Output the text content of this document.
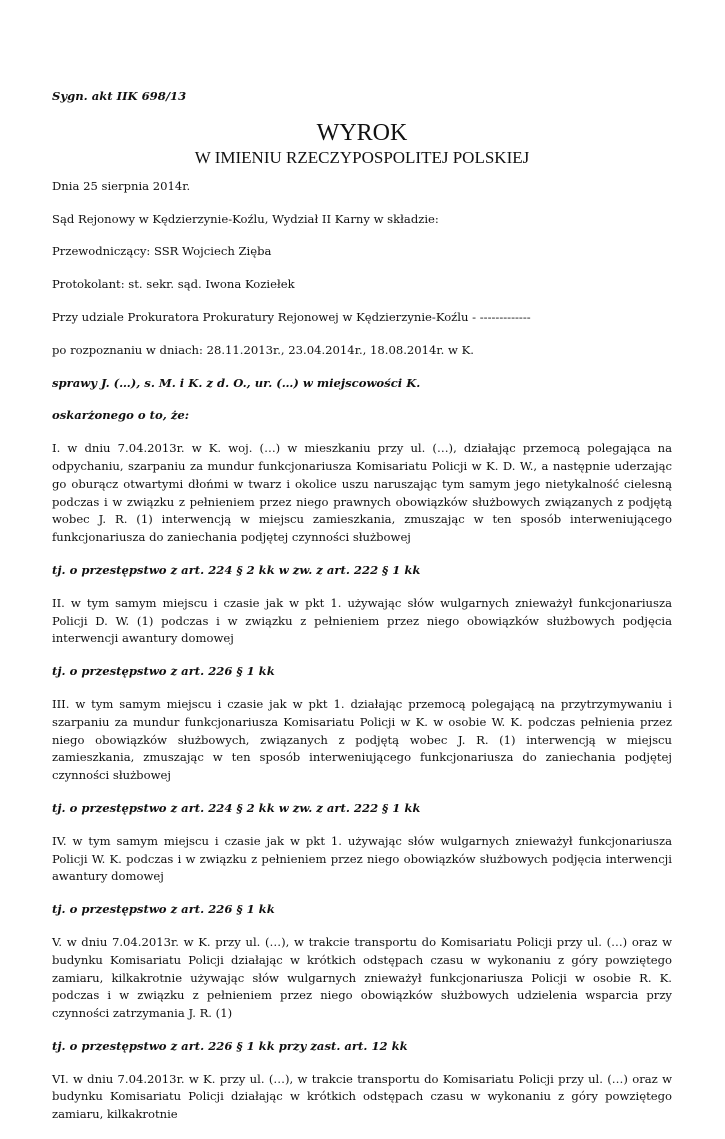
Sygn. akt IIK 698/13

WYROK

W IMIENIU RZECZYPOSPOLITEJ POLSKIEJ

Dnia 25 sierpnia 2014r.

Sąd Rejonowy w Kędzierzynie-Koźlu, Wydział II Karny w składzie:

Przewodniczący: SSR Wojciech Zięba

Protokolant: st. sekr. sąd. Iwona Koziełek

Przy udziale Prokuratora Prokuratury Rejonowej w Kędzierzynie-Koźlu - -------------

po rozpoznaniu w dniach: 28.11.2013r., 23.04.2014r., 18.08.2014r. w K.

sprawy J. (…), s. M. i K. z d. O., ur. (…) w miejscowości K.

oskarżonego o to, że:

I. w dniu 7.04.2013r. w K. woj. (…) w mieszkaniu przy ul. (…), działając przemocą polegająca na odpychaniu, szarpaniu za mundur funkcjonariusza Komisariatu Policji w K. D. W., a następnie uderzając go oburącz otwartymi dłońmi w twarz i okolice uszu naruszając tym samym jego nietykalność cielesną podczas i w związku z pełnieniem przez niego prawnych obowiązków służbowych związanych z podjętą wobec J. R. (1) interwencją w miejscu zamieszkania, zmuszając w ten sposób interweniującego funkcjonariusza do zaniechania podjętej czynności służbowej

tj. o przestępstwo z art. 224 § 2 kk w zw. z art. 222 § 1 kk

II. w tym samym miejscu i czasie jak w pkt 1. używając słów wulgarnych znieważył funkcjonariusza Policji D. W. (1) podczas i w związku z pełnieniem przez niego obowiązków służbowych podjęcia interwencji awantury domowej

tj. o przestępstwo z art. 226 § 1 kk

III. w tym samym miejscu i czasie jak w pkt 1. działając przemocą polegającą na przytrzymywaniu i szarpaniu za mundur funkcjonariusza Komisariatu Policji w K. w osobie W. K. podczas pełnienia przez niego obowiązków służbowych, związanych z podjętą wobec J. R. (1) interwencją w miejscu zamieszkania, zmuszając w ten sposób interweniującego funkcjonariusza do zaniechania podjętej czynności służbowej

tj. o przestępstwo z art. 224 § 2 kk w zw. z art. 222 § 1 kk

IV. w tym samym miejscu i czasie jak w pkt 1. używając słów wulgarnych znieważył funkcjonariusza Policji W. K. podczas i w związku z pełnieniem przez niego obowiązków służbowych podjęcia interwencji awantury domowej

tj. o przestępstwo z art. 226 § 1 kk

V. w dniu 7.04.2013r. w K. przy ul. (…), w trakcie transportu do Komisariatu Policji przy ul. (…) oraz w budynku Komisariatu Policji działając w krótkich odstępach czasu w wykonaniu z góry powziętego zamiaru, kilkakrotnie używając słów wulgarnych znieważył funkcjonariusza Policji w osobie R. K. podczas i w związku z pełnieniem przez niego obowiązków służbowych udzielenia wsparcia przy czynności zatrzymania J. R. (1)

tj. o przestępstwo z art. 226 § 1 kk przy zast. art. 12 kk

VI. w dniu 7.04.2013r. w K. przy ul. (…), w trakcie transportu do Komisariatu Policji przy ul. (…) oraz w budynku Komisariatu Policji działając w krótkich odstępach czasu w wykonaniu z góry powziętego zamiaru, kilkakrotnie
